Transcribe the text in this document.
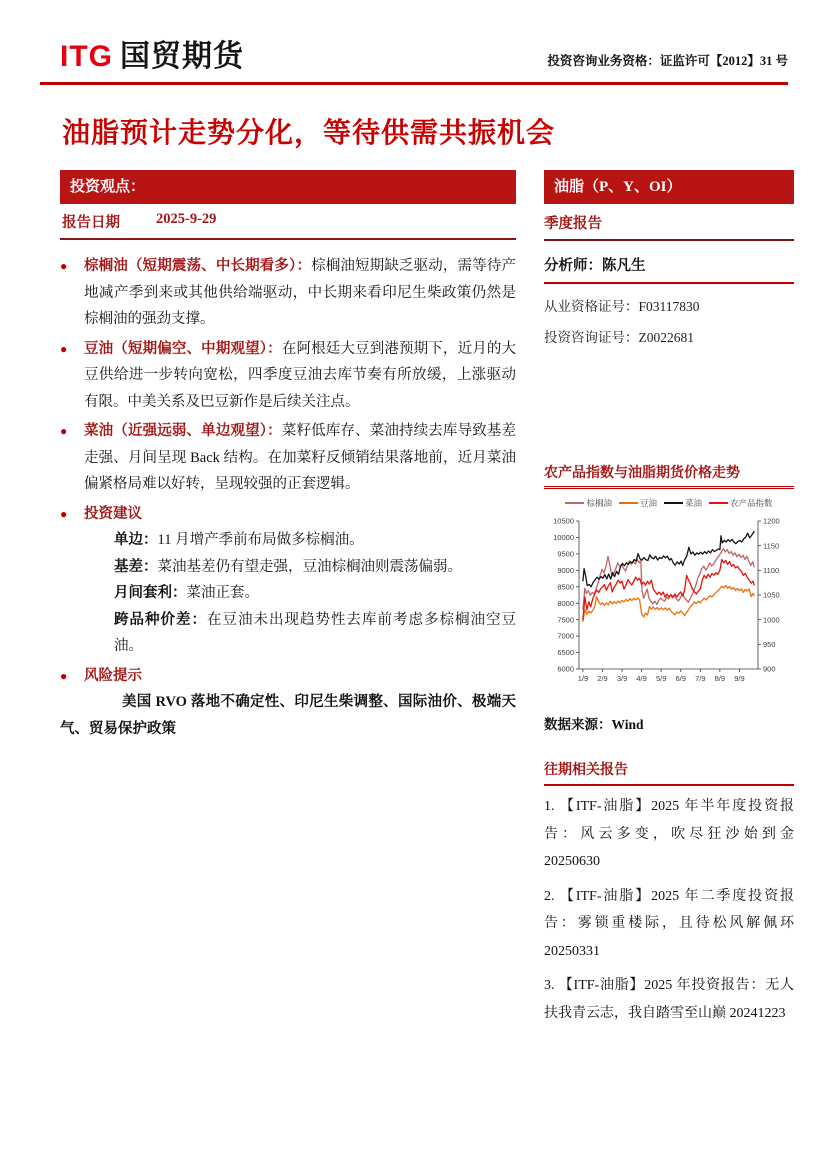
ITG 国贸期货	投资咨询业务资格：证监许可【2012】31 号
油脂预计走势分化，等待供需共振机会
投资观点：
报告日期 2025-9-29
● 棕榈油（短期震荡、中长期看多）：棕榈油短期缺乏驱动，需等待产地减产季到来或其他供给端驱动，中长期来看印尼生柴政策仍然是棕榈油的强劲支撑。
● 豆油（短期偏空、中期观望）：在阿根廷大豆到港预期下，近月的大豆供给进一步转向宽松，四季度豆油去库节奏有所放缓，上涨驱动有限。中美关系及巴豆新作是后续关注点。
● 菜油（近强远弱、单边观望）：菜籽低库存、菜油持续去库导致基差走强、月间呈现 Back 结构。在加菜籽反倾销结果落地前，近月菜油偏紧格局难以好转，呈现较强的正套逻辑。
● 投资建议
单边：11 月增产季前布局做多棕榈油。
基差：菜油基差仍有望走强，豆油棕榈油则震荡偏弱。
月间套利：菜油正套。
跨品种价差：在豆油未出现趋势性去库前考虑多棕榈油空豆油。
● 风险提示
美国 RVO 落地不确定性、印尼生柴调整、国际油价、极端天气、贸易保护政策
油脂（P、Y、OI）
季度报告
分析师：陈凡生
从业资格证号：F03117830
投资咨询证号：Z0022681
农产品指数与油脂期货价格走势
棕榈油	豆油	菜油	农产品指数
6000
6500
7000
7500
8000
8500
9000
9500
10000
10500
900
950
1000
1050
1100
1150
1200
1/9 2/9 3/9 4/9 5/9 6/9 7/9 8/9 9/9
数据来源：Wind
往期相关报告
1. 【ITF-油脂】2025 年半年度投资报告：风云多变，吹尽狂沙始到金 20250630
2. 【ITF-油脂】2025 年二季度投资报告：雾锁重楼际，且待松风解佩环 20250331
3. 【ITF-油脂】2025 年投资报告：无人扶我青云志，我自踏雪至山巅 20241223
